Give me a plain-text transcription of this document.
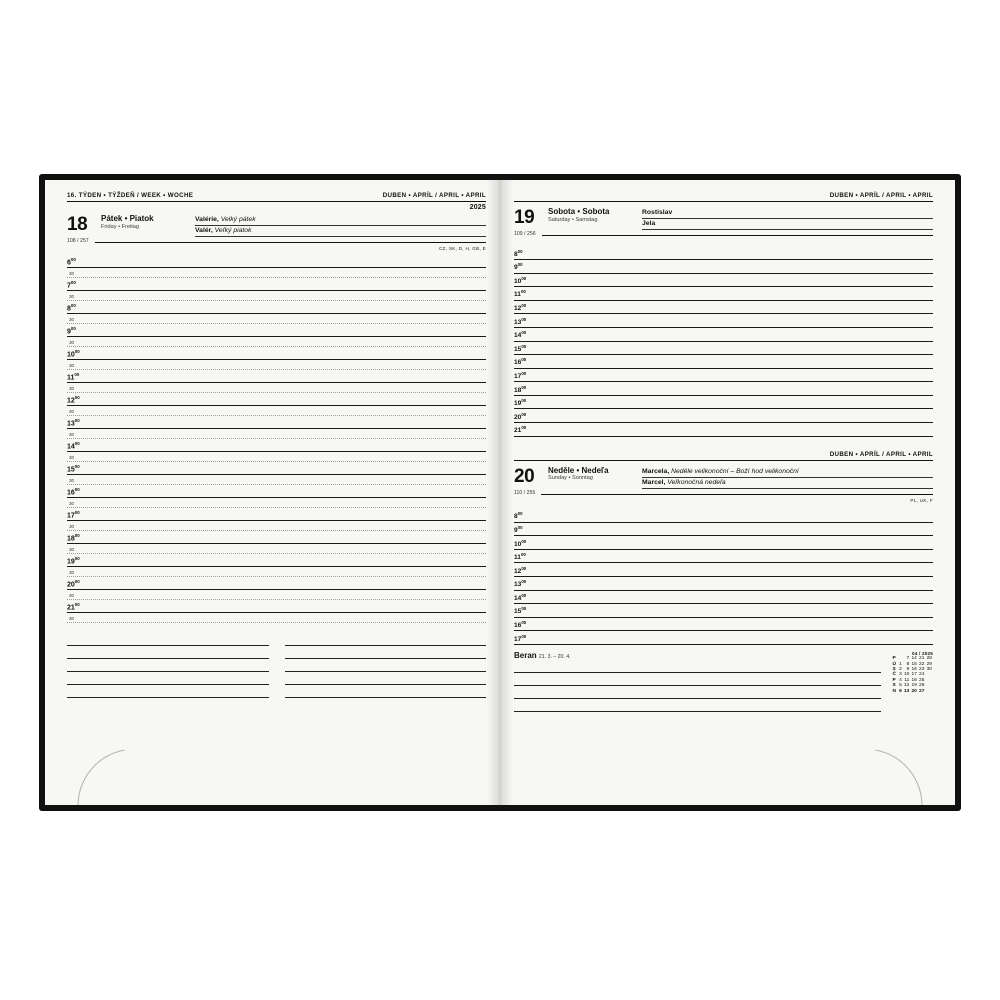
16. TÝDEN • TÝŽDEŇ / WEEK • WOCHE	DUBEN • APRÍL / APRIL • APRIL
2025
18	Pátek • Piatok
Friday • Freitag
Valérie, Velký pátek
Valér, Veľký piatok
108 / 257
CZ, SK, D, H, GB, E
$6^{00}$
30
$7^{00}$
30
$8^{00}$
30
$9^{00}$
30
$10^{00}$
30
$11^{00}$
30
$12^{00}$
30
$13^{00}$
30
$14^{00}$
30
$15^{00}$
30
$16^{00}$
30
$17^{00}$
30
$18^{00}$
30
$19^{00}$
30
$20^{00}$
30
$21^{00}$
30
DUBEN • APRÍL / APRIL • APRIL
19	Sobota • Sobota
Saturday • Samstag
Rostislav
Jela
109 / 256
$8^{00}$
$9^{00}$
$10^{00}$
$11^{00}$
$12^{00}$
$13^{00}$
$14^{00}$
$15^{00}$
$16^{00}$
$17^{00}$
$18^{00}$
$19^{00}$
$20^{00}$
$21^{00}$
DUBEN • APRÍL / APRIL • APRIL
20	Neděle • Nedeľa
Sunday • Sonntag
Marcela, Neděle velikonoční – Boží hod velikonoční
Marcel, Veľkonočná nedeľa
110 / 255
PL, UK, F
$8^{00}$
$9^{00}$
$10^{00}$
$11^{00}$
$12^{00}$
$13^{00}$
$14^{00}$
$15^{00}$
$16^{00}$
$17^{00}$
Beran 21. 3. – 20. 4.
04 / 2025
P		7	14	21	28
Ú	1	8	15	22	29
S	2	9	16	23	30
Č	3	10	17	24	
P	4	11	18	25	
S	5	12	19	26	
N	6	13	20	27	
